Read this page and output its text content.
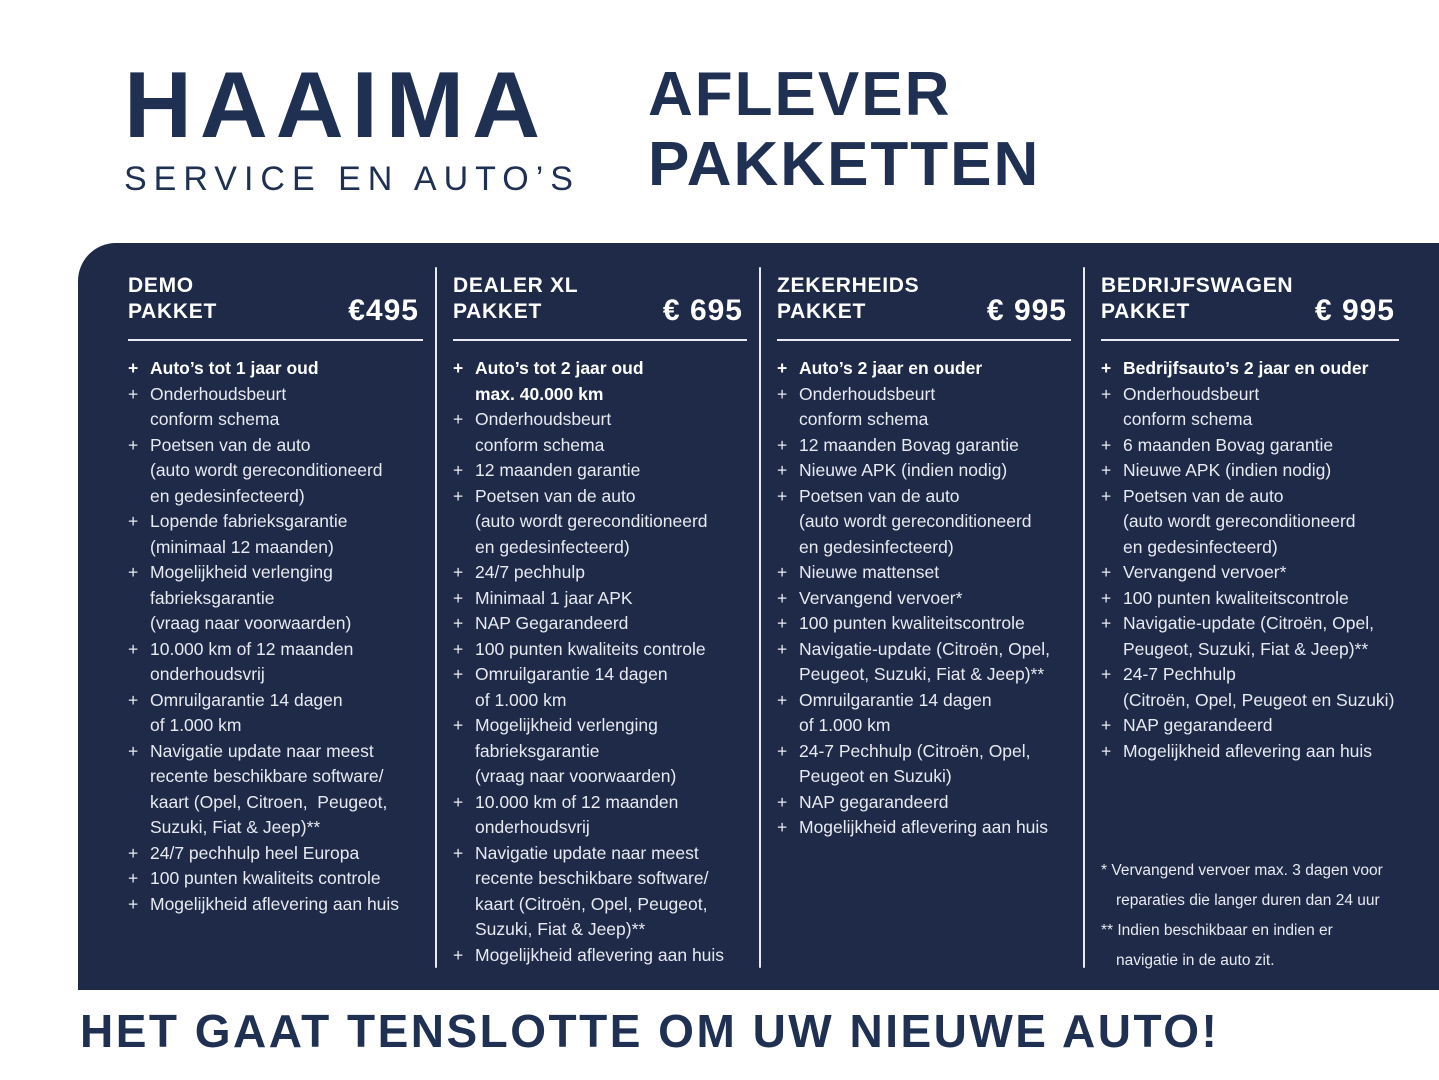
HAAIMA
SERVICE EN AUTO’S
AFLEVER
PAKKETTEN
DEMO
PAKKET	€495
+ Auto’s tot 1 jaar oud
+ Onderhoudsbeurt
conform schema
+ Poetsen van de auto
(auto wordt gereconditioneerd
en gedesinfecteerd)
+ Lopende fabrieksgarantie
(minimaal 12 maanden)
+ Mogelijkheid verlenging
fabrieksgarantie
(vraag naar voorwaarden)
+ 10.000 km of 12 maanden
onderhoudsvrij
+ Omruilgarantie 14 dagen
of 1.000 km
+ Navigatie update naar meest
recente beschikbare software/
kaart (Opel, Citroen,  Peugeot,
Suzuki, Fiat & Jeep)**
+ 24/7 pechhulp heel Europa
+ 100 punten kwaliteits controle
+ Mogelijkheid aflevering aan huis
DEALER XL
PAKKET	€ 695
+ Auto’s tot 2 jaar oud
max. 40.000 km
+ Onderhoudsbeurt
conform schema
+ 12 maanden garantie
+ Poetsen van de auto
(auto wordt gereconditioneerd
en gedesinfecteerd)
+ 24/7 pechhulp
+ Minimaal 1 jaar APK
+ NAP Gegarandeerd
+ 100 punten kwaliteits controle
+ Omruilgarantie 14 dagen
of 1.000 km
+ Mogelijkheid verlenging
fabrieksgarantie
(vraag naar voorwaarden)
+ 10.000 km of 12 maanden
onderhoudsvrij
+ Navigatie update naar meest
recente beschikbare software/
kaart (Citroën, Opel, Peugeot,
Suzuki, Fiat & Jeep)**
+ Mogelijkheid aflevering aan huis
ZEKERHEIDS
PAKKET	€ 995
+ Auto’s 2 jaar en ouder
+ Onderhoudsbeurt
conform schema
+ 12 maanden Bovag garantie
+ Nieuwe APK (indien nodig)
+ Poetsen van de auto
(auto wordt gereconditioneerd
en gedesinfecteerd)
+ Nieuwe mattenset
+ Vervangend vervoer*
+ 100 punten kwaliteitscontrole
+ Navigatie-update (Citroën, Opel,
Peugeot, Suzuki, Fiat & Jeep)**
+ Omruilgarantie 14 dagen
of 1.000 km
+ 24-7 Pechhulp (Citroën, Opel,
Peugeot en Suzuki)
+ NAP gegarandeerd
+ Mogelijkheid aflevering aan huis
BEDRIJFSWAGEN
PAKKET	€ 995
+ Bedrijfsauto’s 2 jaar en ouder
+ Onderhoudsbeurt
conform schema
+ 6 maanden Bovag garantie
+ Nieuwe APK (indien nodig)
+ Poetsen van de auto
(auto wordt gereconditioneerd
en gedesinfecteerd)
+ Vervangend vervoer*
+ 100 punten kwaliteitscontrole
+ Navigatie-update (Citroën, Opel,
Peugeot, Suzuki, Fiat & Jeep)**
+ 24-7 Pechhulp
(Citroën, Opel, Peugeot en Suzuki)
+ NAP gegarandeerd
+ Mogelijkheid aflevering aan huis
* Vervangend vervoer max. 3 dagen voor
reparaties die langer duren dan 24 uur
** Indien beschikbaar en indien er
navigatie in de auto zit.
HET GAAT TENSLOTTE OM UW NIEUWE AUTO!
